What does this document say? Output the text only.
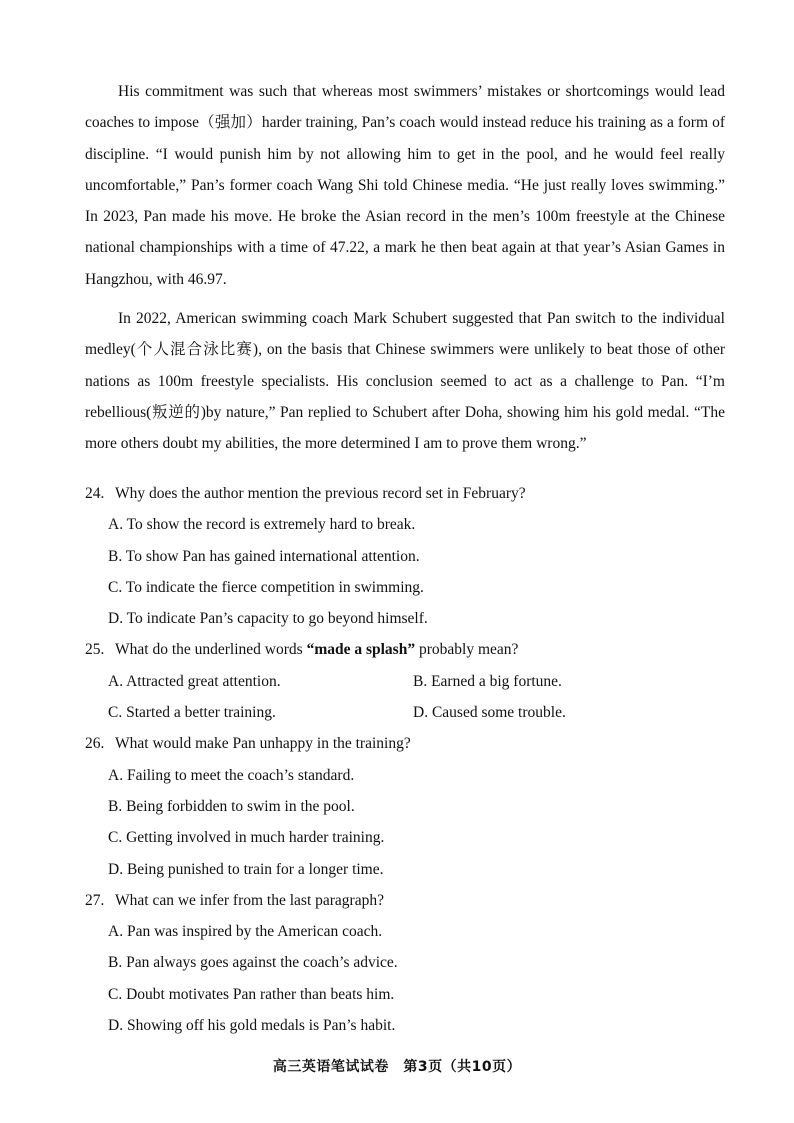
His commitment was such that whereas most swimmers’ mistakes or shortcomings would lead coaches to impose（强加）harder training, Pan’s coach would instead reduce his training as a form of discipline. “I would punish him by not allowing him to get in the pool, and he would feel really uncomfortable,” Pan’s former coach Wang Shi told Chinese media. “He just really loves swimming.” In 2023, Pan made his move. He broke the Asian record in the men’s 100m freestyle at the Chinese national championships with a time of 47.22, a mark he then beat again at that year’s Asian Games in Hangzhou, with 46.97.

In 2022, American swimming coach Mark Schubert suggested that Pan switch to the individual medley(个人混合泳比赛), on the basis that Chinese swimmers were unlikely to beat those of other nations as 100m freestyle specialists. His conclusion seemed to act as a challenge to Pan. “I’m rebellious(叛逆的)by nature,” Pan replied to Schubert after Doha, showing him his gold medal. “The more others doubt my abilities, the more determined I am to prove them wrong.”

24. Why does the author mention the previous record set in February?
A. To show the record is extremely hard to break.
B. To show Pan has gained international attention.
C. To indicate the fierce competition in swimming.
D. To indicate Pan’s capacity to go beyond himself.
25. What do the underlined words “made a splash” probably mean?
A. Attracted great attention.	B. Earned a big fortune.
C. Started a better training.	D. Caused some trouble.
26. What would make Pan unhappy in the training?
A. Failing to meet the coach’s standard.
B. Being forbidden to swim in the pool.
C. Getting involved in much harder training.
D. Being punished to train for a longer time.
27. What can we infer from the last paragraph?
A. Pan was inspired by the American coach.
B. Pan always goes against the coach’s advice.
C. Doubt motivates Pan rather than beats him.
D. Showing off his gold medals is Pan’s habit.
高三英语笔试试卷　第3页（共10页）
